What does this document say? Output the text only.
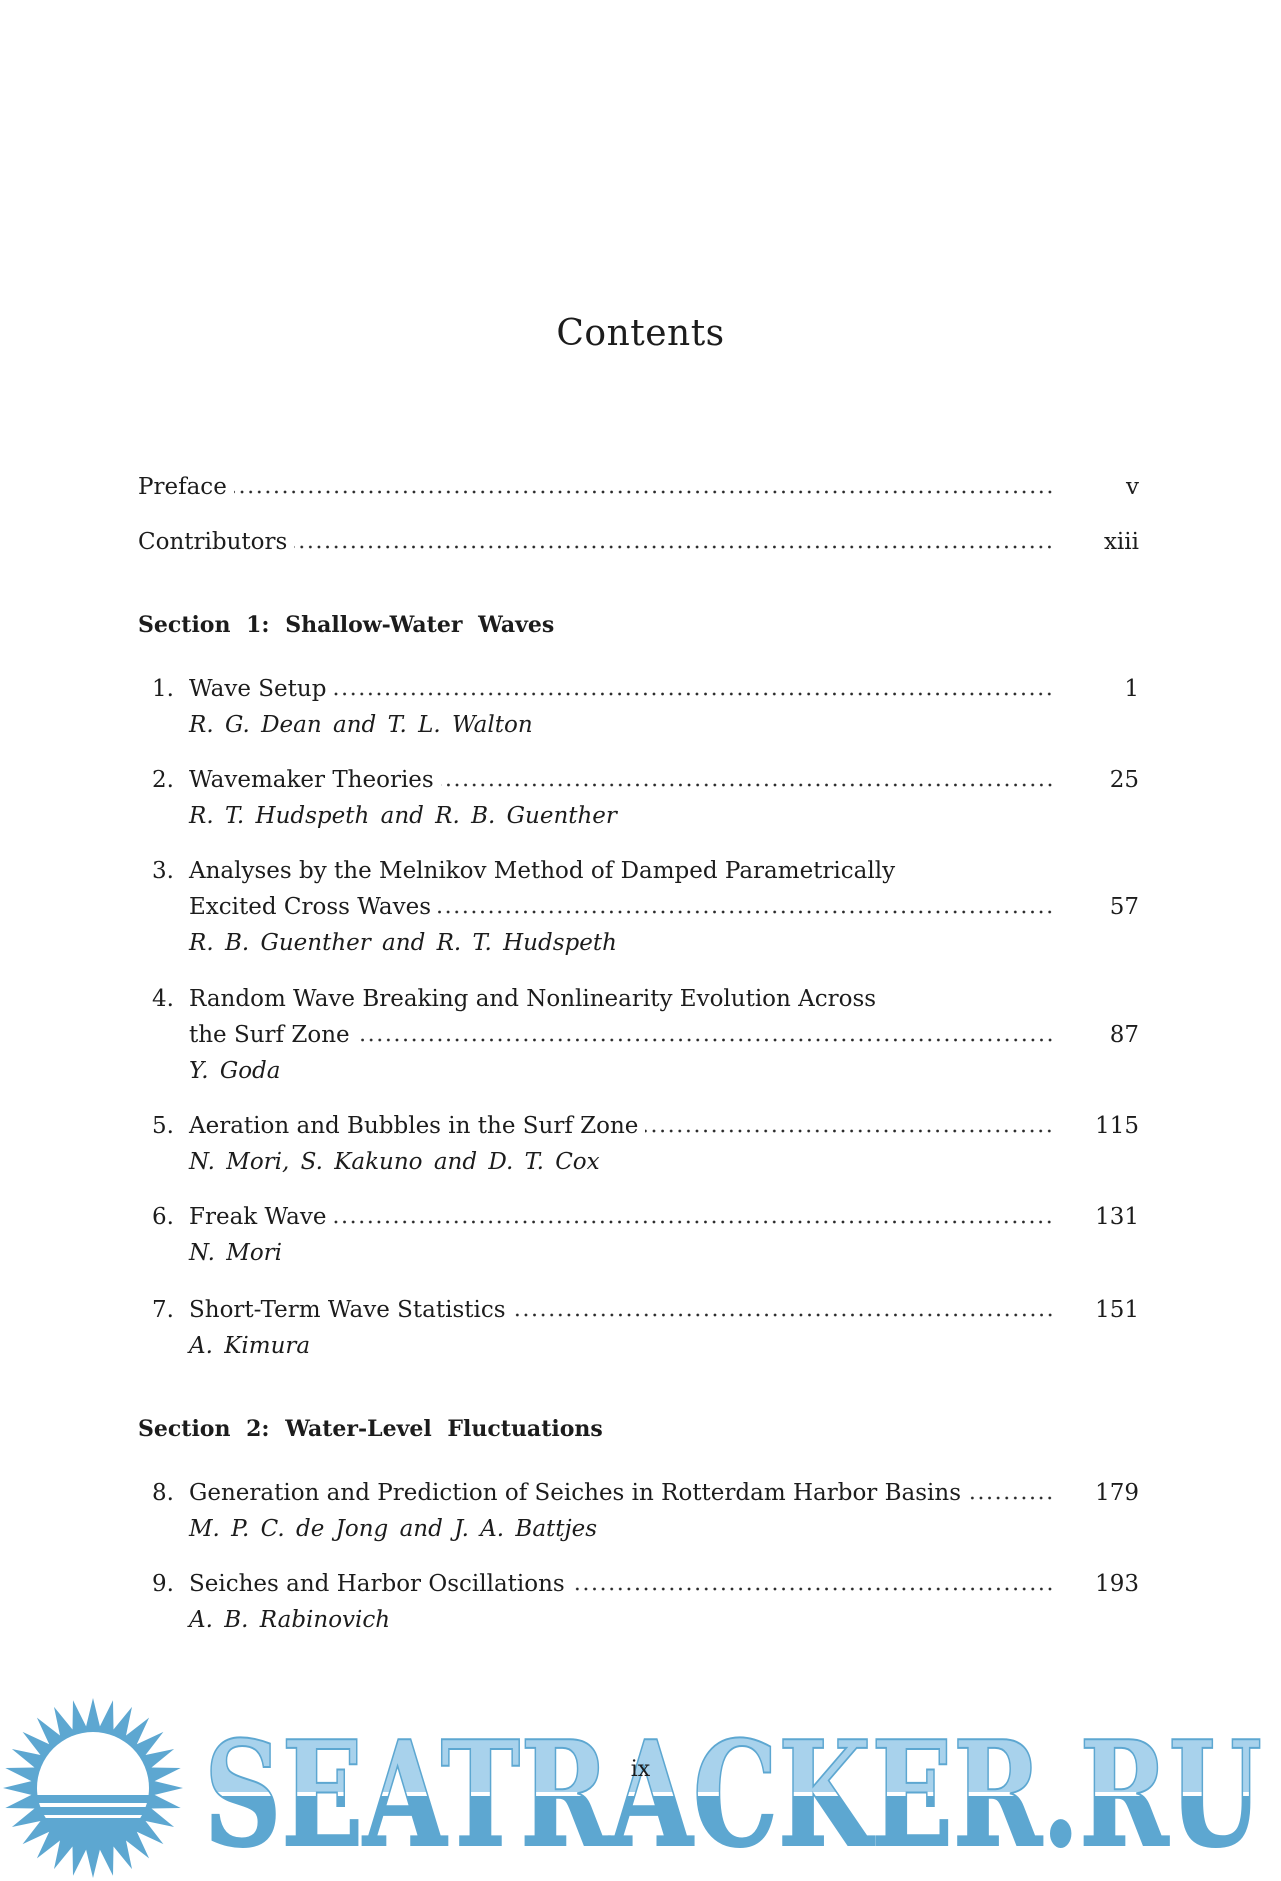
Contents
Preface	v
Contributors	xiii
Section 1: Shallow-Water Waves
1. Wave Setup	1
R. G. Dean and T. L. Walton
2. Wavemaker Theories	25
R. T. Hudspeth and R. B. Guenther
3. Analyses by the Melnikov Method of Damped Parametrically
Excited Cross Waves	57
R. B. Guenther and R. T. Hudspeth
4. Random Wave Breaking and Nonlinearity Evolution Across
the Surf Zone	87
Y. Goda
5. Aeration and Bubbles in the Surf Zone	115
N. Mori, S. Kakuno and D. T. Cox
6. Freak Wave	131
N. Mori
7. Short-Term Wave Statistics	151
A. Kimura
Section 2: Water-Level Fluctuations
8. Generation and Prediction of Seiches in Rotterdam Harbor Basins	179
M. P. C. de Jong and J. A. Battjes
9. Seiches and Harbor Oscillations	193
A. B. Rabinovich
SEATRACKER.RU
ix
